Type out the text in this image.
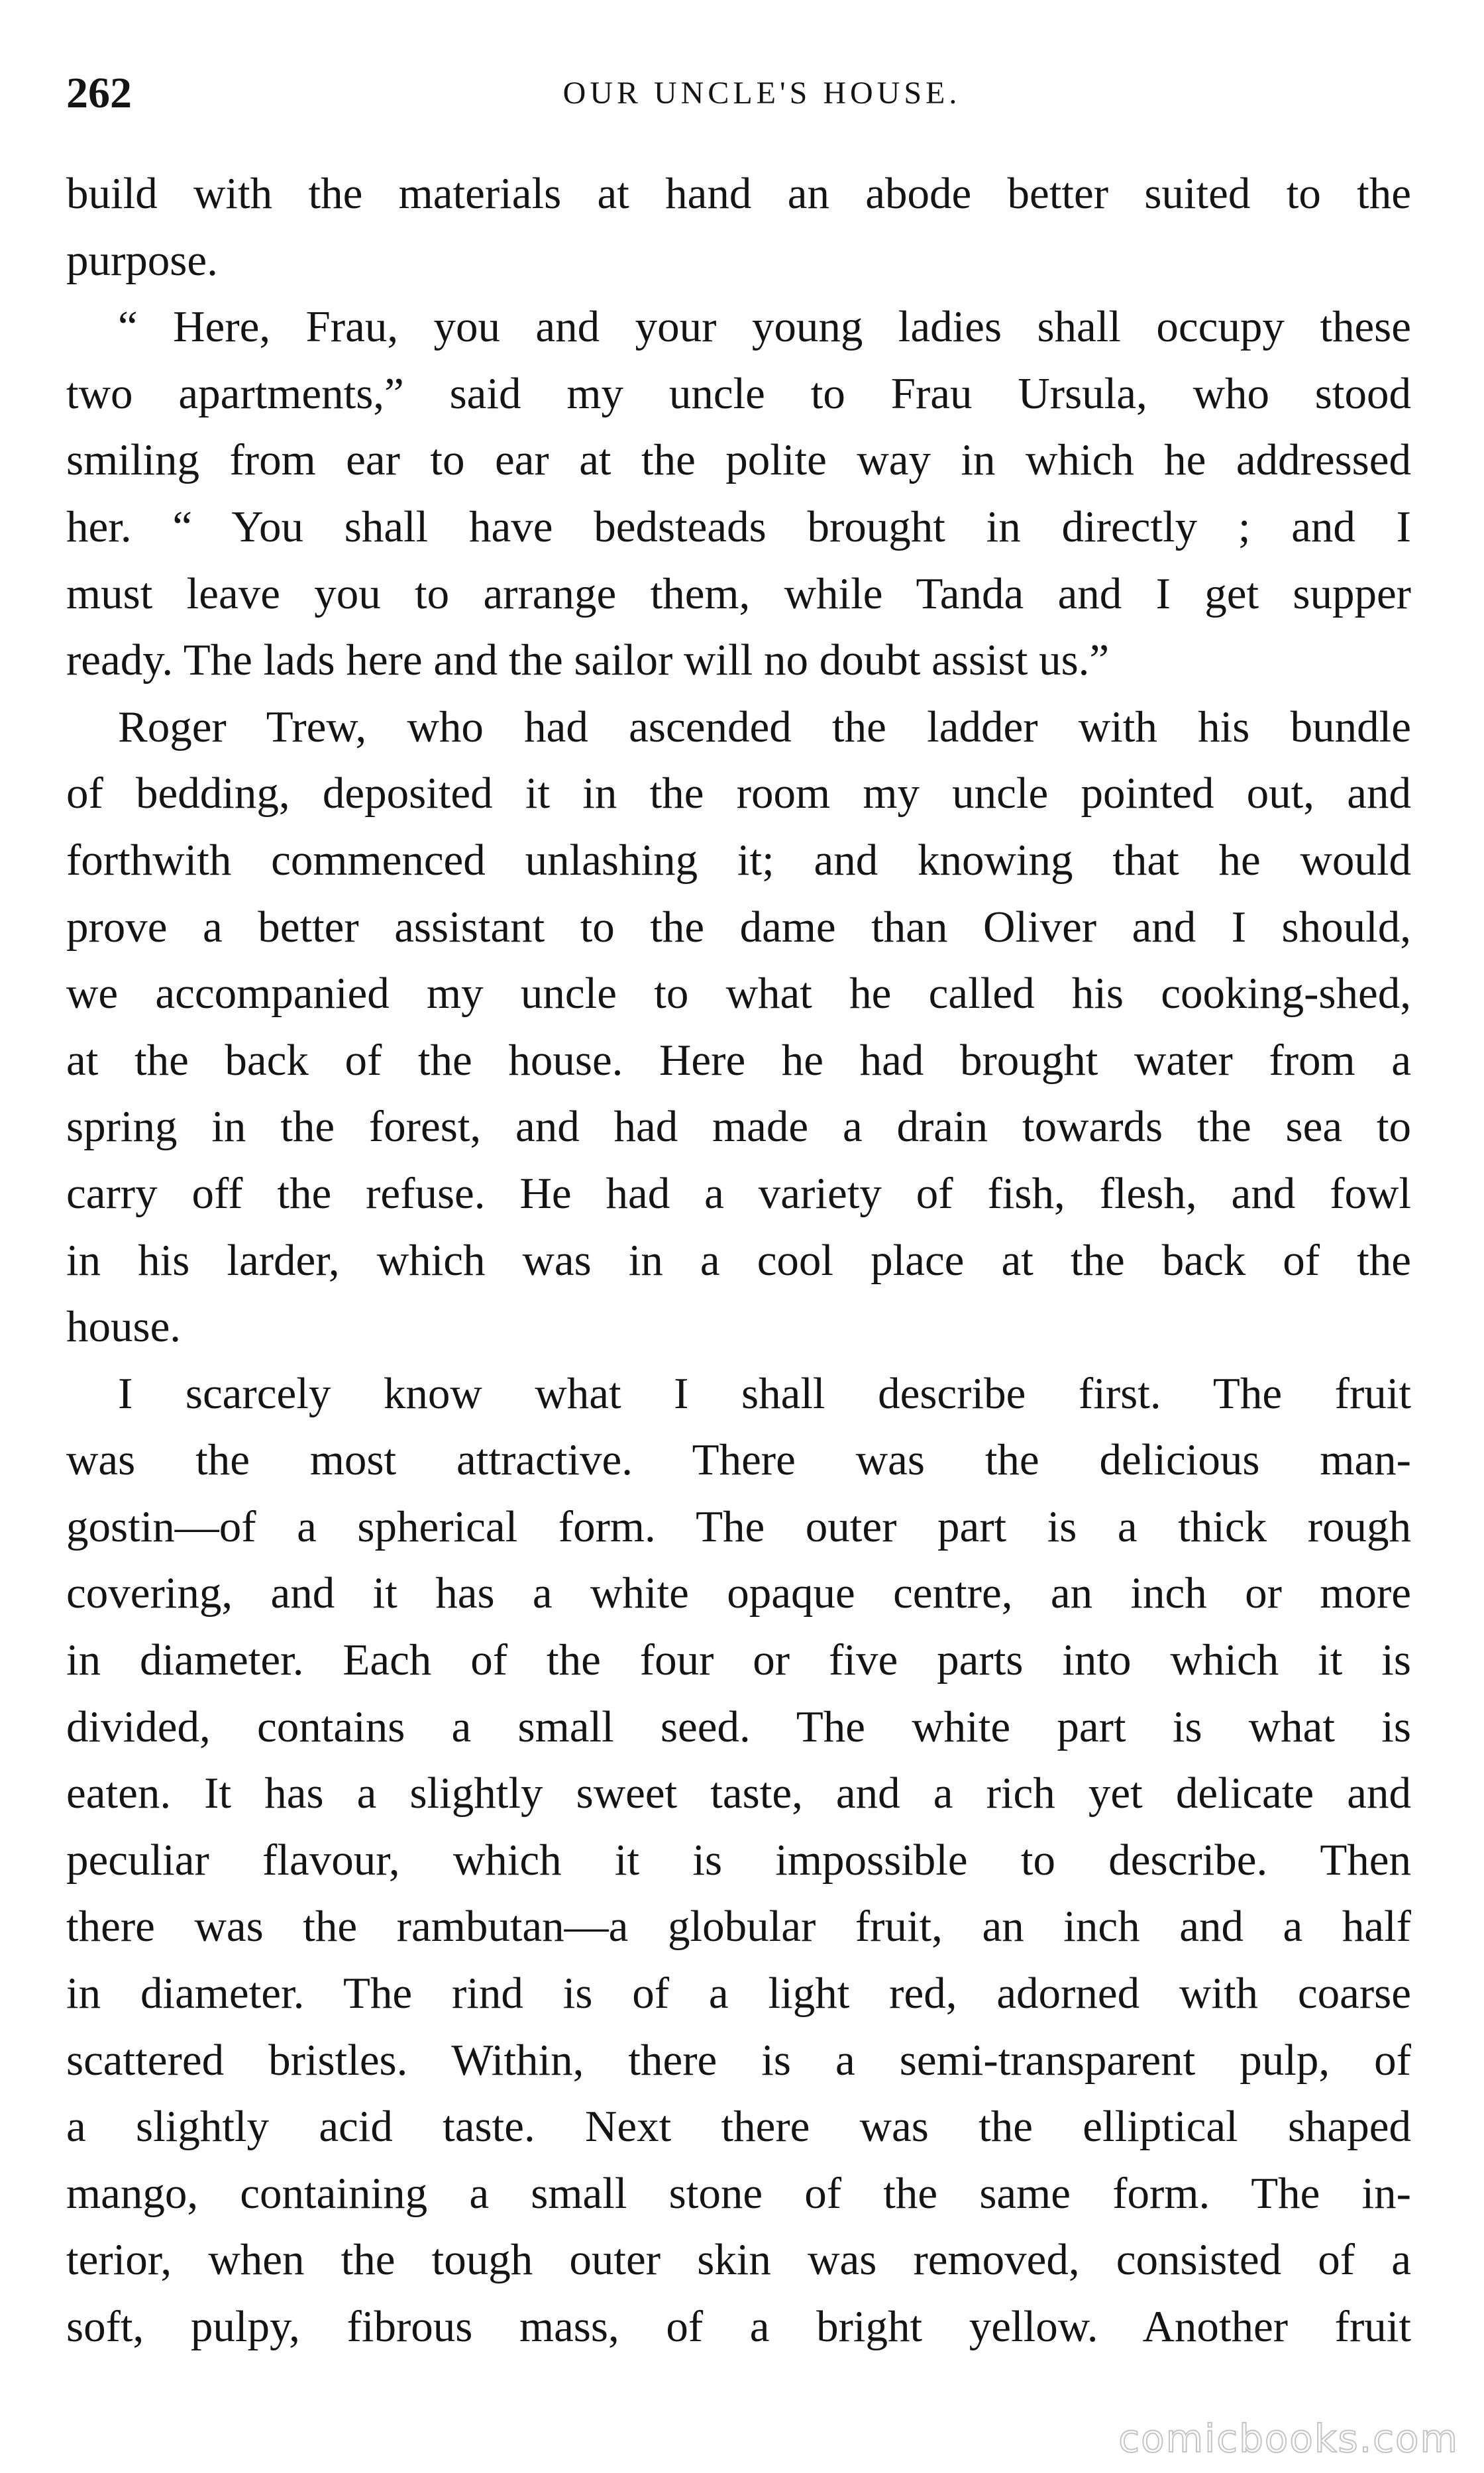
262	OUR UNCLE'S HOUSE.
build with the materials at hand an abode better suited to the
purpose.
“ Here, Frau, you and your young ladies shall occupy these
two apartments,” said my uncle to Frau Ursula, who stood
smiling from ear to ear at the polite way in which he addressed
her. “ You shall have bedsteads brought in directly ; and I
must leave you to arrange them, while Tanda and I get supper
ready. The lads here and the sailor will no doubt assist us.”
Roger Trew, who had ascended the ladder with his bundle
of bedding, deposited it in the room my uncle pointed out, and
forthwith commenced unlashing it; and knowing that he would
prove a better assistant to the dame than Oliver and I should,
we accompanied my uncle to what he called his cooking-shed,
at the back of the house. Here he had brought water from a
spring in the forest, and had made a drain towards the sea to
carry off the refuse. He had a variety of fish, flesh, and fowl
in his larder, which was in a cool place at the back of the
house.
I scarcely know what I shall describe first. The fruit
was the most attractive. There was the delicious man-
gostin—of a spherical form. The outer part is a thick rough
covering, and it has a white opaque centre, an inch or more
in diameter. Each of the four or five parts into which it is
divided, contains a small seed. The white part is what is
eaten. It has a slightly sweet taste, and a rich yet delicate and
peculiar flavour, which it is impossible to describe. Then
there was the rambutan—a globular fruit, an inch and a half
in diameter. The rind is of a light red, adorned with coarse
scattered bristles. Within, there is a semi-transparent pulp, of
a slightly acid taste. Next there was the elliptical shaped
mango, containing a small stone of the same form. The in-
terior, when the tough outer skin was removed, consisted of a
soft, pulpy, fibrous mass, of a bright yellow. Another fruit
comicbooks.com
